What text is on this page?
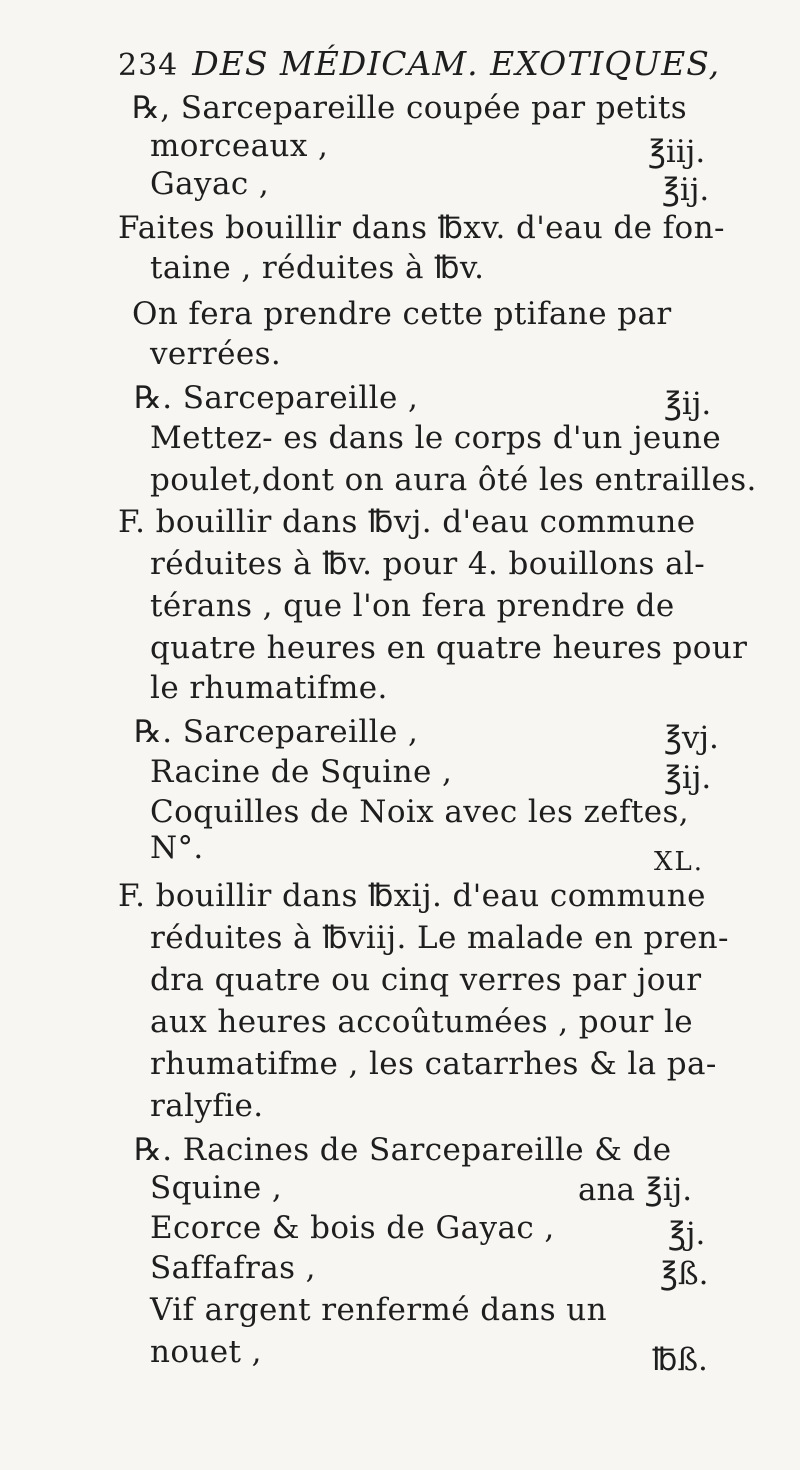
234 DES MÉDICAM. EXOTIQUES,
℞, Sarcepareille coupée par petits
morceaux ,	℥iij.
Gayac ,	℥ij.
Faites bouillir dans ℔xv. d'eau de fon-
taine , réduites à ℔v.
On fera prendre cette ptifane par
verrées.
℞. Sarcepareille ,	℥ij.
Mettez- es dans le corps d'un jeune
poulet,dont on aura ôté les entrailles.
F. bouillir dans ℔vj. d'eau commune
réduites à ℔v. pour 4. bouillons al-
térans , que l'on fera prendre de
quatre heures en quatre heures pour
le rhumatifme.
℞. Sarcepareille ,	℥vj.
Racine de Squine ,	℥ij.
Coquilles de Noix avec les zeftes,
N°.	XL.
F. bouillir dans ℔xij. d'eau commune
réduites à ℔viij. Le malade en pren-
dra quatre ou cinq verres par jour
aux heures accoûtumées , pour le
rhumatifme , les catarrhes & la pa-
ralyfie.
℞. Racines de Sarcepareille & de
Squine ,	ana ℥ij.
Ecorce & bois de Gayac ,	℥j.
Saffafras ,	℥ß.
Vif argent renfermé dans un
nouet ,	℔ß.
